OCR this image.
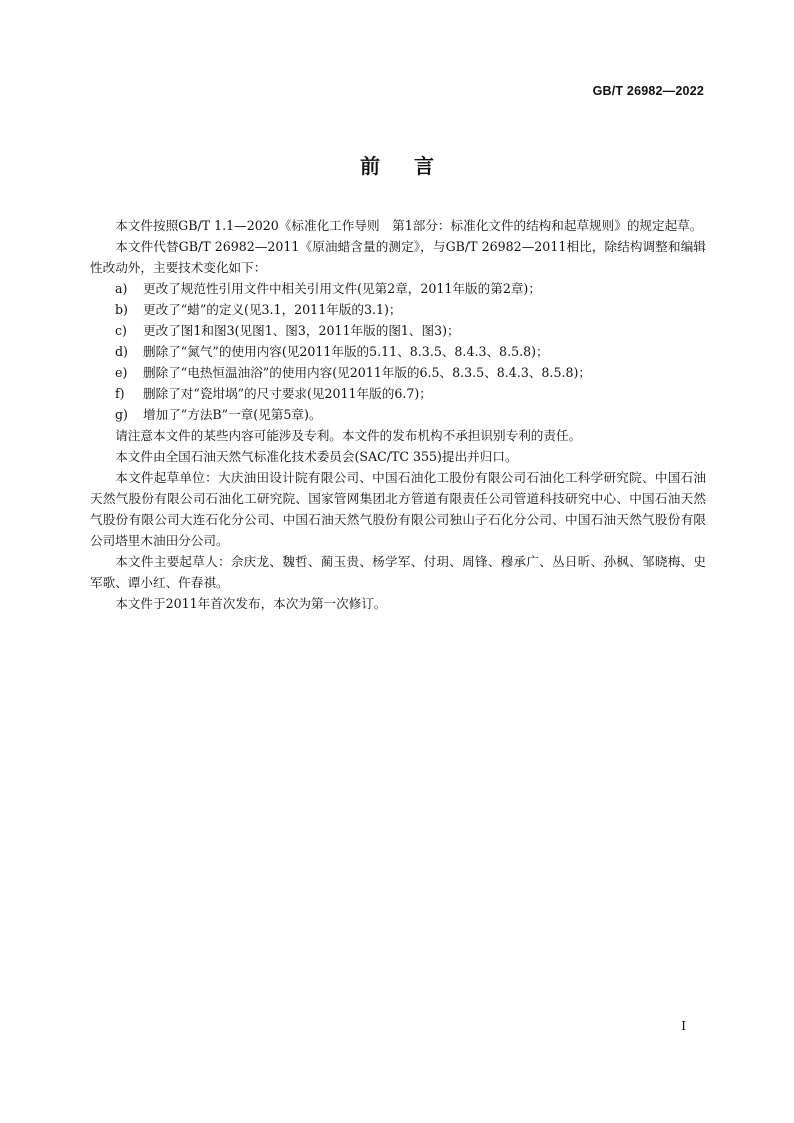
GB/T 26982—2022
前言

本文件按照GB/T 1.1—2020《标准化工作导则　第1部分：标准化文件的结构和起草规则》的规定起草。

本文件代替GB/T 26982—2011《原油蜡含量的测定》，与GB/T 26982—2011相比，除结构调整和编辑性改动外，主要技术变化如下：

a)	更改了规范性引用文件中相关引用文件(见第2章，2011年版的第2章)；
b)	更改了“蜡”的定义(见3.1，2011年版的3.1)；
c)	更改了图1和图3(见图1、图3，2011年版的图1、图3)；
d)	删除了“氮气”的使用内容(见2011年版的5.11、8.3.5、8.4.3、8.5.8)；
e)	删除了“电热恒温油浴”的使用内容(见2011年版的6.5、8.3.5、8.4.3、8.5.8)；
f)	删除了对“瓷坩埚”的尺寸要求(见2011年版的6.7)；
g)	增加了“方法B”一章(见第5章)。

请注意本文件的某些内容可能涉及专利。本文件的发布机构不承担识别专利的责任。

本文件由全国石油天然气标准化技术委员会(SAC/TC 355)提出并归口。

本文件起草单位：大庆油田设计院有限公司、中国石油化工股份有限公司石油化工科学研究院、中国石油天然气股份有限公司石油化工研究院、国家管网集团北方管道有限责任公司管道科技研究中心、中国石油天然气股份有限公司大连石化分公司、中国石油天然气股份有限公司独山子石化分公司、中国石油天然气股份有限公司塔里木油田分公司。

本文件主要起草人：佘庆龙、魏哲、蔺玉贵、杨学军、付玥、周锋、穆承广、丛日昕、孙枫、邹晓梅、史军歌、谭小红、仵春祺。

本文件于2011年首次发布，本次为第一次修订。

I
